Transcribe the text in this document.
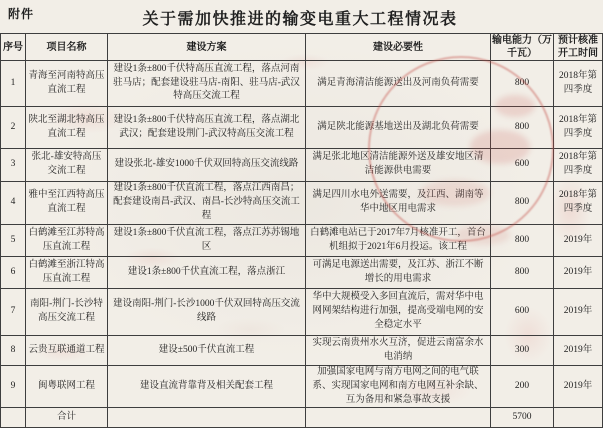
附件	关于需加快推进的输变电重大工程情况表
序号	项目名称	建设方案	建设必要性	输电能力（万千瓦）	预计核准开工时间
1	青海至河南特高压直流工程	建设1条±800千伏特高压直流工程，落点河南驻马店；配套建设驻马店-南阳、驻马店-武汉特高压交流工程	满足青海清洁能源送出及河南负荷需要	800	2018年第四季度
2	陕北至湖北特高压直流工程	建设1条±800千伏特高压直流工程，落点湖北武汉；配套建设荆门-武汉特高压交流工程	满足陕北能源基地送出及湖北负荷需要	800	2018年第四季度
3	张北-雄安特高压交流工程	建设张北-雄安1000千伏双回特高压交流线路	满足张北地区清洁能源外送及雄安地区清洁能源供电需要	600	2018年第四季度
4	雅中至江西特高压直流工程	建设1条±800千伏直流工程，落点江西南昌；配套建设南昌-武汉、南昌-长沙特高压交流工程	满足四川水电外送需要，及江西、湖南等华中地区用电需求	800	2018年第四季度
5	白鹤滩至江苏特高压直流工程	建设1条±800千伏直流工程，落点江苏苏锡地区	白鹤滩电站已于2017年7月核准开工，首台机组拟于2021年6月投运。该工程	800	2019年
6	白鹤滩至浙江特高压直流工程	建设1条±800千伏直流工程，落点浙江	可满足电源送出需要，及江苏、浙江不断增长的用电需求	800	2019年
7	南阳-荆门-长沙特高压交流工程	建设南阳-荆门-长沙1000千伏双回特高压交流线路	华中大规模受入多回直流后，需对华中电网网架结构进行加强，提高受端电网的安全稳定水平	600	2019年
8	云贵互联通道工程	建设±500千伏直流工程	实现云南贵州水火互济，促进云南富余水电消纳	300	2019年
9	闽粤联网工程	建设直流背靠背及相关配套工程	加强国家电网与南方电网之间的电气联系、实现国家电网和南方电网互补余缺、互为备用和紧急事故支援	200	2019年
	合计			5700	
